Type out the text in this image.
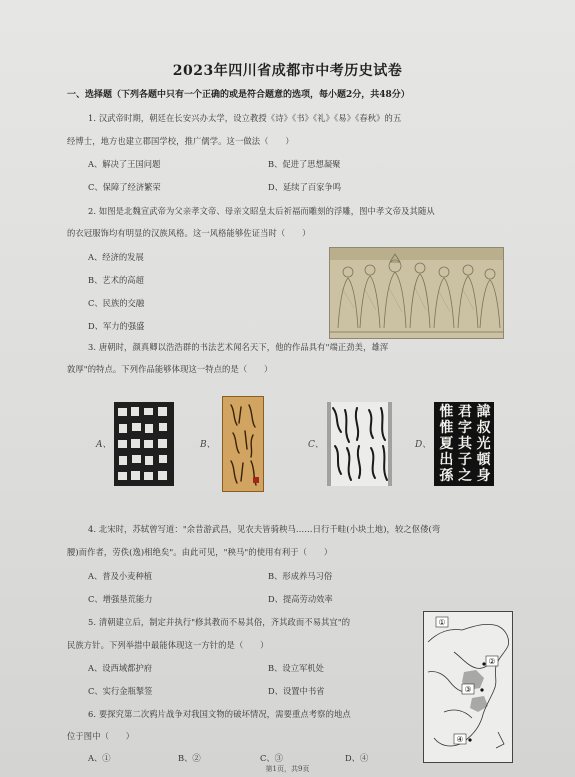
2023年四川省成都市中考历史试卷
一、选择题（下列各题中只有一个正确的或是符合题意的选项，每小题2分，共48分）
1. 汉武帝时期，朝廷在长安兴办太学，设立教授《诗》《书》《礼》《易》《春秋》的五
经博士，地方也建立郡国学校，推广儒学。这一做法（　　）
A、解决了王国问题	B、促进了思想凝聚
C、保障了经济繁荣	D、延续了百家争鸣
2. 如图是北魏宣武帝为父亲孝文帝、母亲文昭皇太后祈福而雕刻的浮雕，图中孝文帝及其随从
的衣冠服饰均有明显的汉族风格。这一风格能够佐证当时（　　）
A、经济的发展
B、艺术的高超
C、民族的交融
D、军力的强盛
3. 唐朝时，颜真卿以浩浩群的书法艺术闻名天下，他的作品具有"端正劲美，雄浑
敦厚"的特点。下列作品能够体现这一特点的是（　　）
A、	B、	C、	D、
惟 君 諱
惟 字 叔
夏 其 光
出 子 頓
孫 之 身
4. 北宋时，苏轼曾写道："余昔游武昌，见农夫皆骑秧马……日行千畦(小块土地)，较之伛偻(弯
腰)而作者，劳佚(逸)相绝矣"。由此可见，"秧马"的使用有利于（　　）
A、普及小麦种植	B、形成养马习俗
C、增强垦荒能力	D、提高劳动效率
5. 清朝建立后，制定并执行"修其教而不易其俗，齐其政而不易其宜"的
民族方针。下列举措中最能体现这一方针的是（　　）
A、设西域都护府	B、设立军机处
C、实行金瓶掣签	D、设置中书省
6. 要探究第二次鸦片战争对我国文物的破坏情况，需要重点考察的地点
位于图中（　　）
A、①	B、②	C、③	D、④
①
②
③
④
第1页，共9页
